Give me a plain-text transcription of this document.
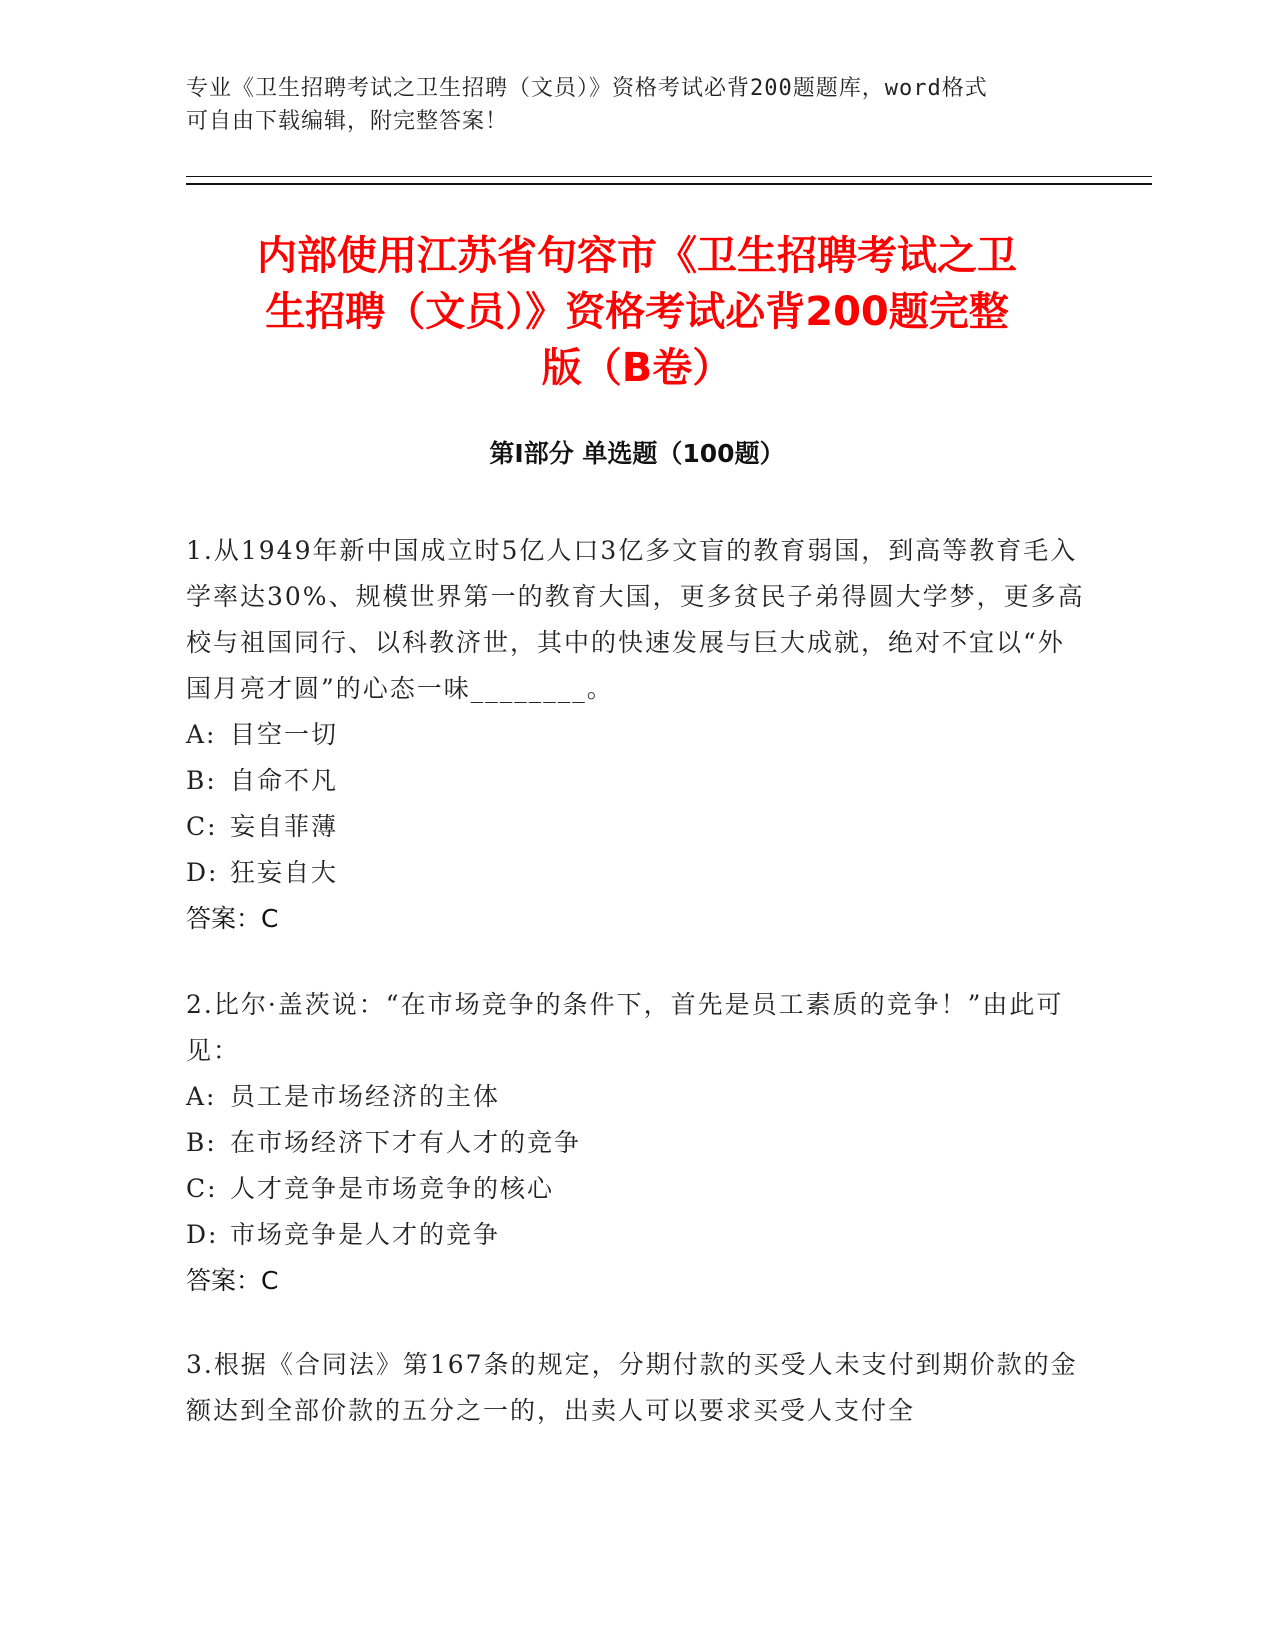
专业《卫生招聘考试之卫生招聘（文员）》资格考试必背200题题库，word格式
可自由下载编辑，附完整答案！
内部使用江苏省句容市《卫生招聘考试之卫
生招聘（文员）》资格考试必背200题完整
版（B卷）
第I部分 单选题（100题）

1.从1949年新中国成立时5亿人口3亿多文盲的教育弱国，到高等教育毛入学率达30%、规模世界第一的教育大国，更多贫民子弟得圆大学梦，更多高校与祖国同行、以科教济世，其中的快速发展与巨大成就，绝对不宜以“外国月亮才圆”的心态一味________。

A: 目空一切

B: 自命不凡

C: 妄自菲薄

D: 狂妄自大

答案：C

2.比尔·盖茨说：“在市场竞争的条件下，首先是员工素质的竞争！”由此可见：

A: 员工是市场经济的主体

B: 在市场经济下才有人才的竞争

C: 人才竞争是市场竞争的核心

D: 市场竞争是人才的竞争

答案：C

3.根据《合同法》第167条的规定，分期付款的买受人未支付到期价款的金额达到全部价款的五分之一的，出卖人可以要求买受人支付全
